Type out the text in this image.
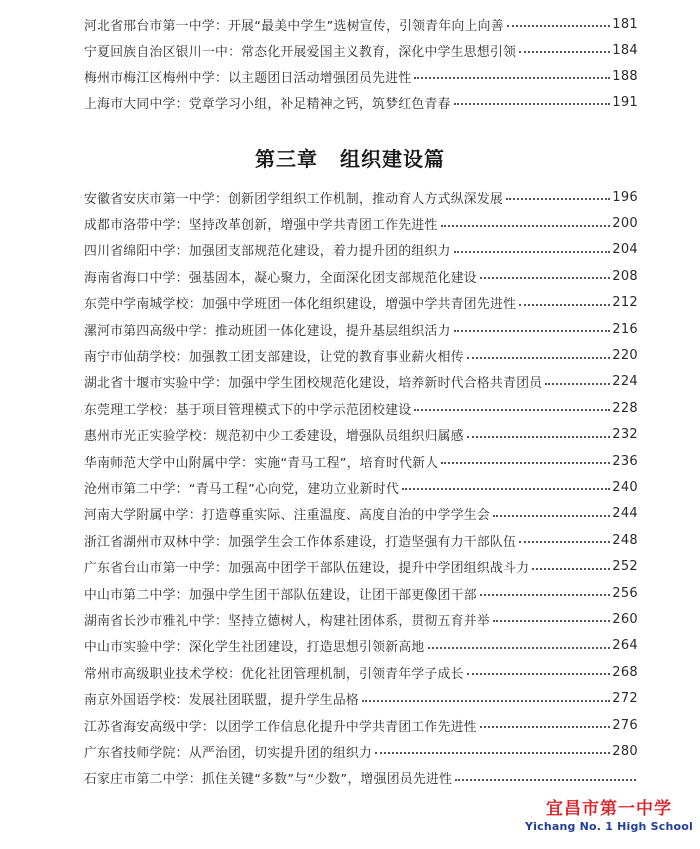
河北省邢台市第一中学：开展“最美中学生”选树宣传，引领青年向上向善	181
宁夏回族自治区银川一中：常态化开展爱国主义教育，深化中学生思想引领	184
梅州市梅江区梅州中学：以主题团日活动增强团员先进性	188
上海市大同中学：党章学习小组，补足精神之钙，筑梦红色青春	191
第三章 组织建设篇
安徽省安庆市第一中学：创新团学组织工作机制，推动育人方式纵深发展	196
成都市洛带中学：坚持改革创新，增强中学共青团工作先进性	200
四川省绵阳中学：加强团支部规范化建设，着力提升团的组织力	204
海南省海口中学：强基固本，凝心聚力，全面深化团支部规范化建设	208
东莞中学南城学校：加强中学班团一体化组织建设，增强中学共青团先进性	212
漯河市第四高级中学：推动班团一体化建设，提升基层组织活力	216
南宁市仙葫学校：加强教工团支部建设，让党的教育事业薪火相传	220
湖北省十堰市实验中学：加强中学生团校规范化建设，培养新时代合格共青团员	224
东莞理工学校：基于项目管理模式下的中学示范团校建设	228
惠州市光正实验学校：规范初中少工委建设，增强队员组织归属感	232
华南师范大学中山附属中学：实施“青马工程”，培育时代新人	236
沧州市第二中学：“青马工程”心向党，建功立业新时代	240
河南大学附属中学：打造尊重实际、注重温度、高度自治的中学学生会	244
浙江省湖州市双林中学：加强学生会工作体系建设，打造坚强有力干部队伍	248
广东省台山市第一中学：加强高中团学干部队伍建设，提升中学团组织战斗力	252
中山市第二中学：加强中学生团干部队伍建设，让团干部更像团干部	256
湖南省长沙市雅礼中学：坚持立德树人，构建社团体系，贯彻五育并举	260
中山市实验中学：深化学生社团建设，打造思想引领新高地	264
常州市高级职业技术学校：优化社团管理机制，引领青年学子成长	268
南京外国语学校：发展社团联盟，提升学生品格	272
江苏省海安高级中学：以团学工作信息化提升中学共青团工作先进性	276
广东省技师学院：从严治团，切实提升团的组织力	280
石家庄市第二中学：抓住关键“多数”与“少数”，增强团员先进性
宜昌市第一中学
Yichang No. 1 High School
